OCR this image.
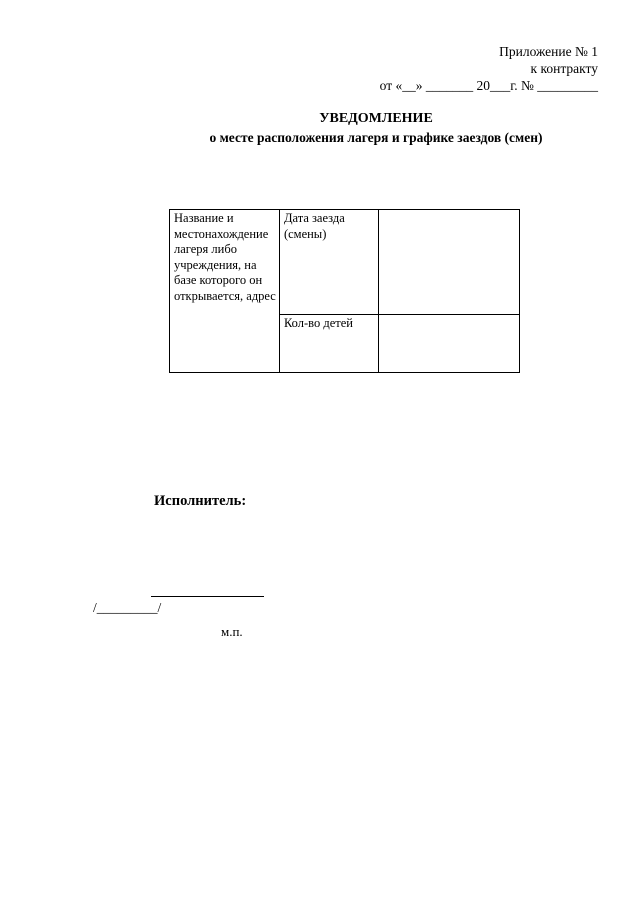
Приложение № 1
к контракту
от «__» _______ 20___г. № _________
УВЕДОМЛЕНИЕ
о месте расположения лагеря и графике заездов (смен)
Название и местонахождение лагеря либо учреждения, на базе которого он открывается, адрес	Дата заезда (смены)	
	Кол-во детей	
Исполнитель:
/_________/
м.п.
